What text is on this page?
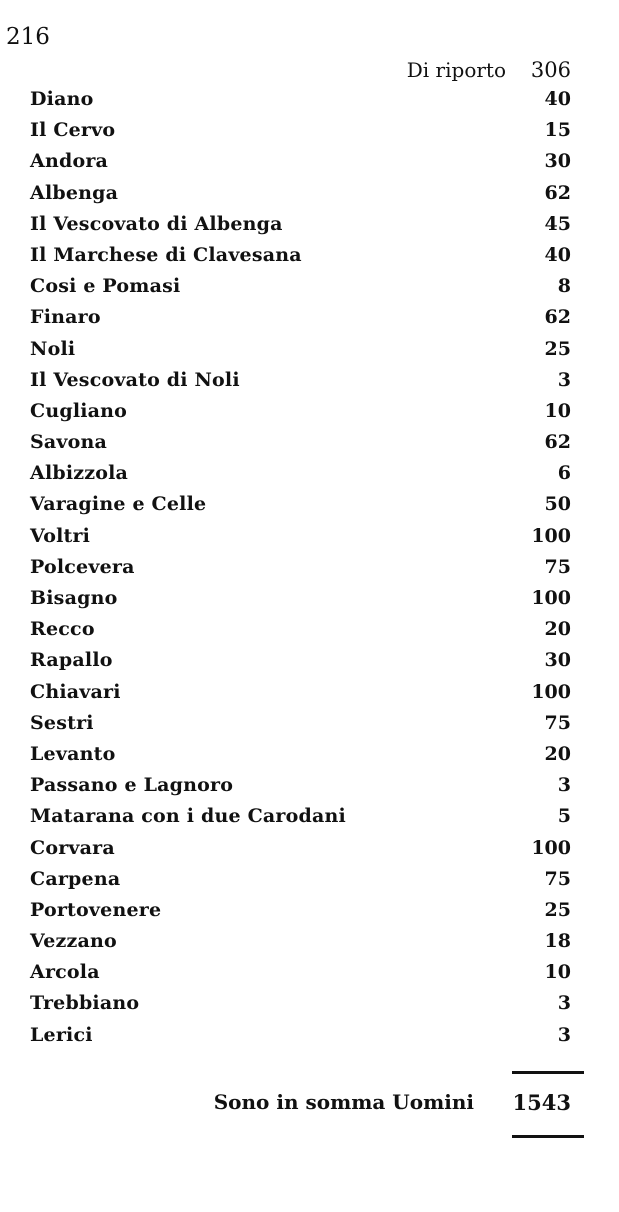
216
Di riporto 306
Diano	40
Il Cervo	15
Andora	30
Albenga	62
Il Vescovato di Albenga	45
Il Marchese di Clavesana	40
Cosi e Pomasi	8
Finaro	62
Noli	25
Il Vescovato di Noli	3
Cugliano	10
Savona	62
Albizzola	6
Varagine e Celle	50
Voltri	100
Polcevera	75
Bisagno	100
Recco	20
Rapallo	30
Chiavari	100
Sestri	75
Levanto	20
Passano e Lagnoro	3
Matarana con i due Carodani	5
Corvara	100
Carpena	75
Portovenere	25
Vezzano	18
Arcola	10
Trebbiano	3
Lerici	3
Sono in somma Uomini 1543
